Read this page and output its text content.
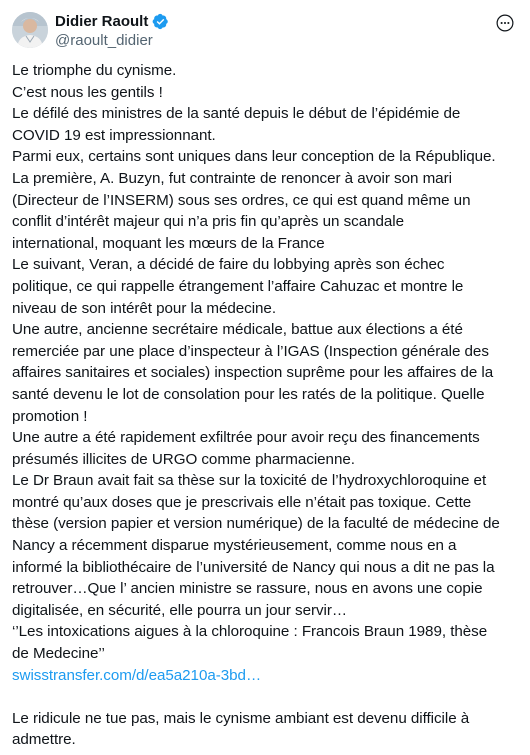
Didier Raoult
@raoult_didier
Le triomphe du cynisme.
C’est nous les gentils !
Le défilé des ministres de la santé depuis le début de l’épidémie de
COVID 19 est impressionnant.
Parmi eux, certains sont uniques dans leur conception de la République.
La première, A. Buzyn, fut contrainte de renoncer à avoir son mari
(Directeur de l’INSERM) sous ses ordres, ce qui est quand même un
conflit d’intérêt majeur qui n’a pris fin qu’après un scandale
international, moquant les mœurs de la France
Le suivant, Veran, a décidé de faire du lobbying après son échec
politique, ce qui rappelle étrangement l’affaire Cahuzac et montre le
niveau de son intérêt pour la médecine.
Une autre, ancienne secrétaire médicale, battue aux élections a été
remerciée par une place d’inspecteur à l’IGAS (Inspection générale des
affaires sanitaires et sociales) inspection suprême pour les affaires de la
santé devenu le lot de consolation pour les ratés de la politique. Quelle
promotion !
Une autre a été rapidement exfiltrée pour avoir reçu des financements
présumés illicites de URGO comme pharmacienne.
Le Dr Braun avait fait sa thèse sur la toxicité de l’hydroxychloroquine et
montré qu’aux doses que je prescrivais elle n’était pas toxique. Cette
thèse (version papier et version numérique) de la faculté de médecine de
Nancy a récemment disparue mystérieusement, comme nous en a
informé la bibliothécaire de l’université de Nancy qui nous a dit ne pas la
retrouver…Que l’ ancien ministre se rassure, nous en avons une copie
digitalisée, en sécurité, elle pourra un jour servir…
‘’Les intoxications aigues à la chloroquine : Francois Braun 1989, thèse
de Medecine’’
swisstransfer.com/d/ea5a210a-3bd…
Le ridicule ne tue pas, mais le cynisme ambiant est devenu difficile à
admettre.
